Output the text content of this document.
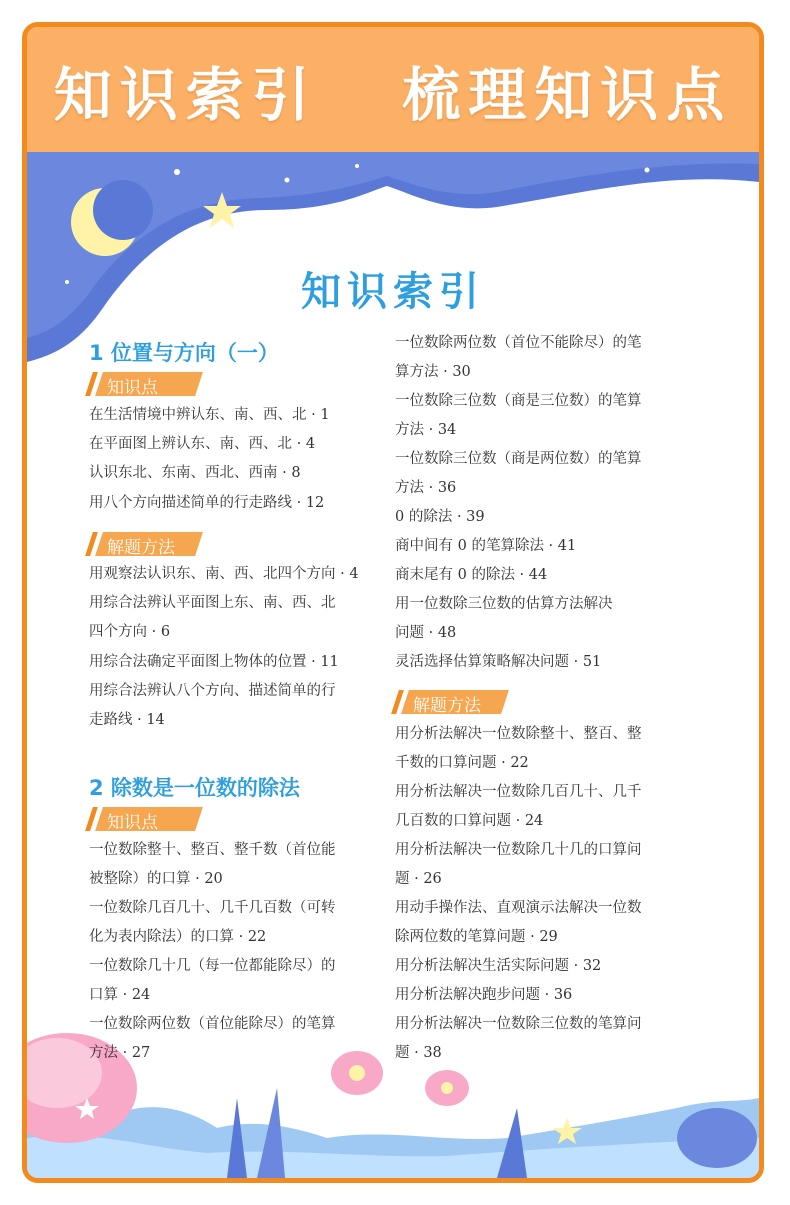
知识索引   梳理知识点
知识索引
1 位置与方向（一）
知识点
在生活情境中辨认东、南、西、北 · 1
在平面图上辨认东、南、西、北 · 4
认识东北、东南、西北、西南 · 8
用八个方向描述简单的行走路线 · 12
解题方法
用观察法认识东、南、西、北四个方向 · 4
用综合法辨认平面图上东、南、西、北
四个方向 · 6
用综合法确定平面图上物体的位置 · 11
用综合法辨认八个方向、描述简单的行
走路线 · 14
2 除数是一位数的除法
知识点
一位数除整十、整百、整千数（首位能
被整除）的口算 · 20
一位数除几百几十、几千几百数（可转
化为表内除法）的口算 · 22
一位数除几十几（每一位都能除尽）的
口算 · 24
一位数除两位数（首位能除尽）的笔算
方法 · 27
一位数除两位数（首位不能除尽）的笔
算方法 · 30
一位数除三位数（商是三位数）的笔算
方法 · 34
一位数除三位数（商是两位数）的笔算
方法 · 36
0 的除法 · 39
商中间有 0 的笔算除法 · 41
商末尾有 0 的除法 · 44
用一位数除三位数的估算方法解决
问题 · 48
灵活选择估算策略解决问题 · 51
解题方法
用分析法解决一位数除整十、整百、整
千数的口算问题 · 22
用分析法解决一位数除几百几十、几千
几百数的口算问题 · 24
用分析法解决一位数除几十几的口算问
题 · 26
用动手操作法、直观演示法解决一位数
除两位数的笔算问题 · 29
用分析法解决生活实际问题 · 32
用分析法解决跑步问题 · 36
用分析法解决一位数除三位数的笔算问
题 · 38
